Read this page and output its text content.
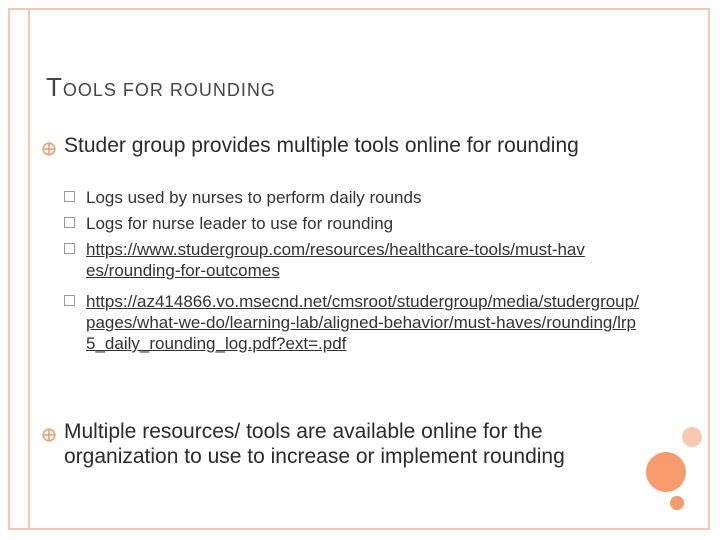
TOOLS FOR ROUNDING
Studer group provides multiple tools online for rounding
Logs used by nurses to perform daily rounds
Logs for nurse leader to use for rounding
https://www.studergroup.com/resources/healthcare-tools/must-haves/rounding-for-outcomes
https://az414866.vo.msecnd.net/cmsroot/studergroup/media/studergroup/pages/what-we-do/learning-lab/aligned-behavior/must-haves/rounding/lrp5_daily_rounding_log.pdf?ext=.pdf
Multiple resources/ tools are available online for the organization to use to increase or implement rounding
